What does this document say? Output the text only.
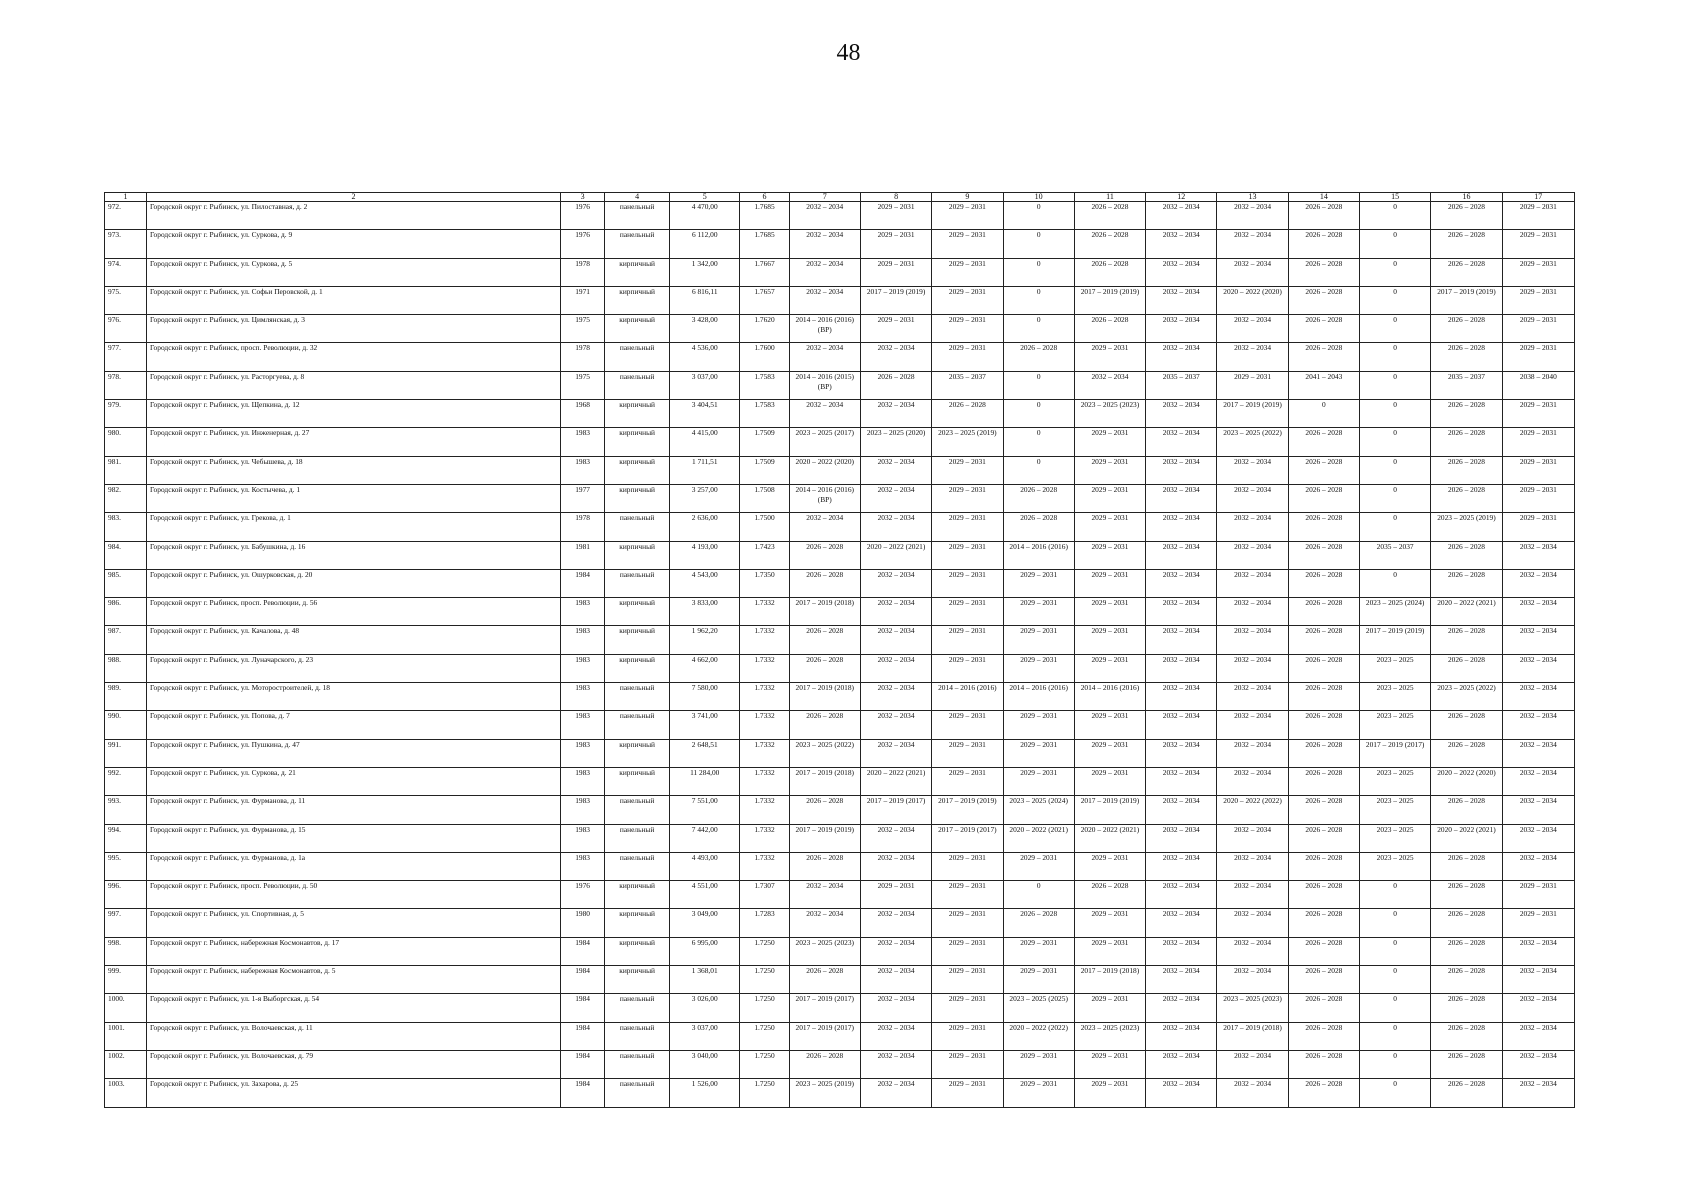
48
1	2	3	4	5	6	7	8	9	10	11	12	13	14	15	16	17
972.	Городской округ г. Рыбинск, ул. Пилоставная, д. 2	1976	панельный	4 470,00	1.7685	2032 – 2034	2029 – 2031	2029 – 2031	0	2026 – 2028	2032 – 2034	2032 – 2034	2026 – 2028	0	2026 – 2028	2029 – 2031
973.	Городской округ г. Рыбинск, ул. Суркова, д. 9	1976	панельный	6 112,00	1.7685	2032 – 2034	2029 – 2031	2029 – 2031	0	2026 – 2028	2032 – 2034	2032 – 2034	2026 – 2028	0	2026 – 2028	2029 – 2031
974.	Городской округ г. Рыбинск, ул. Суркова, д. 5	1978	кирпичный	1 342,00	1.7667	2032 – 2034	2029 – 2031	2029 – 2031	0	2026 – 2028	2032 – 2034	2032 – 2034	2026 – 2028	0	2026 – 2028	2029 – 2031
975.	Городской округ г. Рыбинск, ул. Софьи Перовской, д. 1	1971	кирпичный	6 816,11	1.7657	2032 – 2034	2017 – 2019 (2019)	2029 – 2031	0	2017 – 2019 (2019)	2032 – 2034	2020 – 2022 (2020)	2026 – 2028	0	2017 – 2019 (2019)	2029 – 2031
976.	Городской округ г. Рыбинск, ул. Цимлянская, д. 3	1975	кирпичный	3 428,00	1.7620	2014 – 2016 (2016) (ВР)	2029 – 2031	2029 – 2031	0	2026 – 2028	2032 – 2034	2032 – 2034	2026 – 2028	0	2026 – 2028	2029 – 2031
977.	Городской округ г. Рыбинск, просп. Революции, д. 32	1978	панельный	4 536,00	1.7600	2032 – 2034	2032 – 2034	2029 – 2031	2026 – 2028	2029 – 2031	2032 – 2034	2032 – 2034	2026 – 2028	0	2026 – 2028	2029 – 2031
978.	Городской округ г. Рыбинск, ул. Расторгуева, д. 8	1975	панельный	3 037,00	1.7583	2014 – 2016 (2015) (ВР)	2026 – 2028	2035 – 2037	0	2032 – 2034	2035 – 2037	2029 – 2031	2041 – 2043	0	2035 – 2037	2038 – 2040
979.	Городской округ г. Рыбинск, ул. Щепкина, д. 12	1968	кирпичный	3 404,51	1.7583	2032 – 2034	2032 – 2034	2026 – 2028	0	2023 – 2025 (2023)	2032 – 2034	2017 – 2019 (2019)	0	0	2026 – 2028	2029 – 2031
980.	Городской округ г. Рыбинск, ул. Инженерная, д. 27	1983	кирпичный	4 415,00	1.7509	2023 – 2025 (2017)	2023 – 2025 (2020)	2023 – 2025 (2019)	0	2029 – 2031	2032 – 2034	2023 – 2025 (2022)	2026 – 2028	0	2026 – 2028	2029 – 2031
981.	Городской округ г. Рыбинск, ул. Чебышева, д. 18	1983	кирпичный	1 711,51	1.7509	2020 – 2022 (2020)	2032 – 2034	2029 – 2031	0	2029 – 2031	2032 – 2034	2032 – 2034	2026 – 2028	0	2026 – 2028	2029 – 2031
982.	Городской округ г. Рыбинск, ул. Костычева, д. 1	1977	кирпичный	3 257,00	1.7508	2014 – 2016 (2016) (ВР)	2032 – 2034	2029 – 2031	2026 – 2028	2029 – 2031	2032 – 2034	2032 – 2034	2026 – 2028	0	2026 – 2028	2029 – 2031
983.	Городской округ г. Рыбинск, ул. Грекова, д. 1	1978	панельный	2 636,00	1.7500	2032 – 2034	2032 – 2034	2029 – 2031	2026 – 2028	2029 – 2031	2032 – 2034	2032 – 2034	2026 – 2028	0	2023 – 2025 (2019)	2029 – 2031
984.	Городской округ г. Рыбинск, ул. Бабушкина, д. 16	1981	кирпичный	4 193,00	1.7423	2026 – 2028	2020 – 2022 (2021)	2029 – 2031	2014 – 2016 (2016)	2029 – 2031	2032 – 2034	2032 – 2034	2026 – 2028	2035 – 2037	2026 – 2028	2032 – 2034
985.	Городской округ г. Рыбинск, ул. Ошурковская, д. 20	1984	панельный	4 543,00	1.7350	2026 – 2028	2032 – 2034	2029 – 2031	2029 – 2031	2029 – 2031	2032 – 2034	2032 – 2034	2026 – 2028	0	2026 – 2028	2032 – 2034
986.	Городской округ г. Рыбинск, просп. Революции, д. 56	1983	кирпичный	3 833,00	1.7332	2017 – 2019 (2018)	2032 – 2034	2029 – 2031	2029 – 2031	2029 – 2031	2032 – 2034	2032 – 2034	2026 – 2028	2023 – 2025 (2024)	2020 – 2022 (2021)	2032 – 2034
987.	Городской округ г. Рыбинск, ул. Качалова, д. 48	1983	кирпичный	1 962,20	1.7332	2026 – 2028	2032 – 2034	2029 – 2031	2029 – 2031	2029 – 2031	2032 – 2034	2032 – 2034	2026 – 2028	2017 – 2019 (2019)	2026 – 2028	2032 – 2034
988.	Городской округ г. Рыбинск, ул. Луначарского, д. 23	1983	кирпичный	4 662,00	1.7332	2026 – 2028	2032 – 2034	2029 – 2031	2029 – 2031	2029 – 2031	2032 – 2034	2032 – 2034	2026 – 2028	2023 – 2025	2026 – 2028	2032 – 2034
989.	Городской округ г. Рыбинск, ул. Моторостроителей, д. 18	1983	панельный	7 580,00	1.7332	2017 – 2019 (2018)	2032 – 2034	2014 – 2016 (2016)	2014 – 2016 (2016)	2014 – 2016 (2016)	2032 – 2034	2032 – 2034	2026 – 2028	2023 – 2025	2023 – 2025 (2022)	2032 – 2034
990.	Городской округ г. Рыбинск, ул. Попова, д. 7	1983	панельный	3 741,00	1.7332	2026 – 2028	2032 – 2034	2029 – 2031	2029 – 2031	2029 – 2031	2032 – 2034	2032 – 2034	2026 – 2028	2023 – 2025	2026 – 2028	2032 – 2034
991.	Городской округ г. Рыбинск, ул. Пушкина, д. 47	1983	кирпичный	2 648,51	1.7332	2023 – 2025 (2022)	2032 – 2034	2029 – 2031	2029 – 2031	2029 – 2031	2032 – 2034	2032 – 2034	2026 – 2028	2017 – 2019 (2017)	2026 – 2028	2032 – 2034
992.	Городской округ г. Рыбинск, ул. Суркова, д. 21	1983	кирпичный	11 284,00	1.7332	2017 – 2019 (2018)	2020 – 2022 (2021)	2029 – 2031	2029 – 2031	2029 – 2031	2032 – 2034	2032 – 2034	2026 – 2028	2023 – 2025	2020 – 2022 (2020)	2032 – 2034
993.	Городской округ г. Рыбинск, ул. Фурманова, д. 11	1983	панельный	7 551,00	1.7332	2026 – 2028	2017 – 2019 (2017)	2017 – 2019 (2019)	2023 – 2025 (2024)	2017 – 2019 (2019)	2032 – 2034	2020 – 2022 (2022)	2026 – 2028	2023 – 2025	2026 – 2028	2032 – 2034
994.	Городской округ г. Рыбинск, ул. Фурманова, д. 15	1983	панельный	7 442,00	1.7332	2017 – 2019 (2019)	2032 – 2034	2017 – 2019 (2017)	2020 – 2022 (2021)	2020 – 2022 (2021)	2032 – 2034	2032 – 2034	2026 – 2028	2023 – 2025	2020 – 2022 (2021)	2032 – 2034
995.	Городской округ г. Рыбинск, ул. Фурманова, д. 1а	1983	панельный	4 493,00	1.7332	2026 – 2028	2032 – 2034	2029 – 2031	2029 – 2031	2029 – 2031	2032 – 2034	2032 – 2034	2026 – 2028	2023 – 2025	2026 – 2028	2032 – 2034
996.	Городской округ г. Рыбинск, просп. Революции, д. 50	1976	кирпичный	4 551,00	1.7307	2032 – 2034	2029 – 2031	2029 – 2031	0	2026 – 2028	2032 – 2034	2032 – 2034	2026 – 2028	0	2026 – 2028	2029 – 2031
997.	Городской округ г. Рыбинск, ул. Спортивная, д. 5	1980	кирпичный	3 049,00	1.7283	2032 – 2034	2032 – 2034	2029 – 2031	2026 – 2028	2029 – 2031	2032 – 2034	2032 – 2034	2026 – 2028	0	2026 – 2028	2029 – 2031
998.	Городской округ г. Рыбинск, набережная Космонавтов, д. 17	1984	кирпичный	6 995,00	1.7250	2023 – 2025 (2023)	2032 – 2034	2029 – 2031	2029 – 2031	2029 – 2031	2032 – 2034	2032 – 2034	2026 – 2028	0	2026 – 2028	2032 – 2034
999.	Городской округ г. Рыбинск, набережная Космонавтов, д. 5	1984	кирпичный	1 368,01	1.7250	2026 – 2028	2032 – 2034	2029 – 2031	2029 – 2031	2017 – 2019 (2018)	2032 – 2034	2032 – 2034	2026 – 2028	0	2026 – 2028	2032 – 2034
1000.	Городской округ г. Рыбинск, ул. 1-я Выборгская, д. 54	1984	панельный	3 026,00	1.7250	2017 – 2019 (2017)	2032 – 2034	2029 – 2031	2023 – 2025 (2025)	2029 – 2031	2032 – 2034	2023 – 2025 (2023)	2026 – 2028	0	2026 – 2028	2032 – 2034
1001.	Городской округ г. Рыбинск, ул. Волочаевская, д. 11	1984	панельный	3 037,00	1.7250	2017 – 2019 (2017)	2032 – 2034	2029 – 2031	2020 – 2022 (2022)	2023 – 2025 (2023)	2032 – 2034	2017 – 2019 (2018)	2026 – 2028	0	2026 – 2028	2032 – 2034
1002.	Городской округ г. Рыбинск, ул. Волочаевская, д. 79	1984	панельный	3 040,00	1.7250	2026 – 2028	2032 – 2034	2029 – 2031	2029 – 2031	2029 – 2031	2032 – 2034	2032 – 2034	2026 – 2028	0	2026 – 2028	2032 – 2034
1003.	Городской округ г. Рыбинск, ул. Захарова, д. 25	1984	панельный	1 526,00	1.7250	2023 – 2025 (2019)	2032 – 2034	2029 – 2031	2029 – 2031	2029 – 2031	2032 – 2034	2032 – 2034	2026 – 2028	0	2026 – 2028	2032 – 2034
